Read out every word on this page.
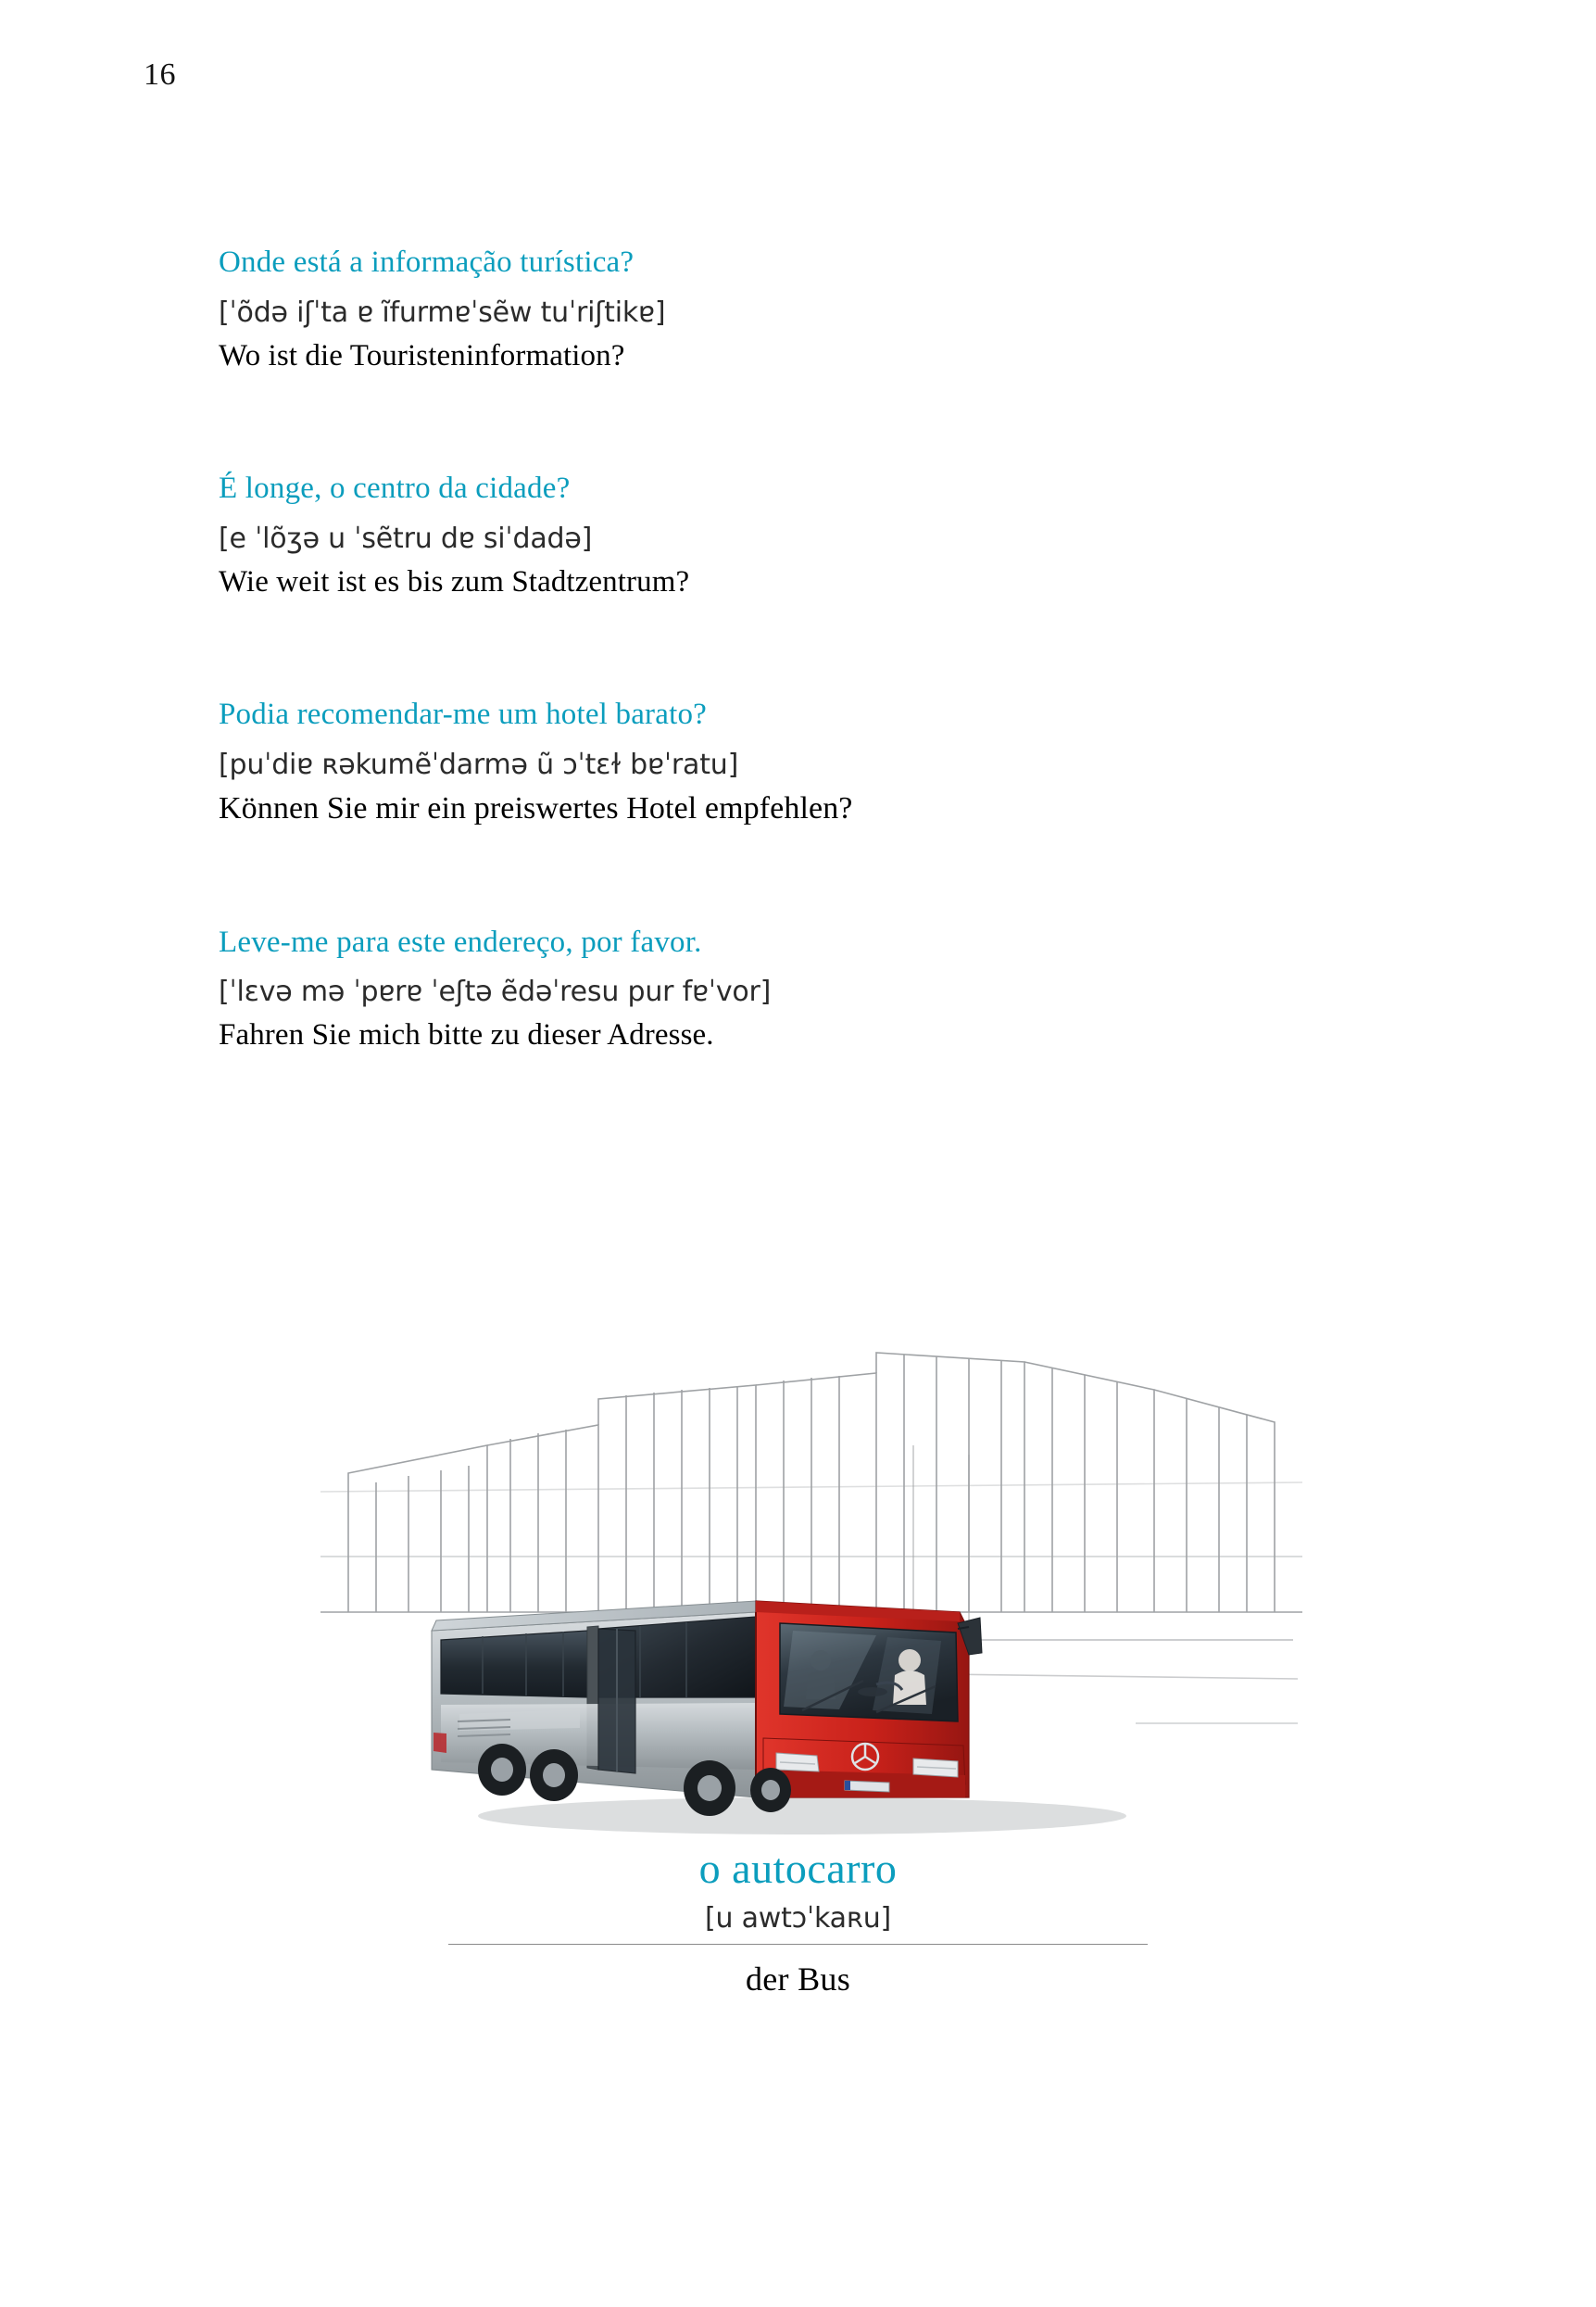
16
Onde está a informação turística?
[ˈõdə iʃˈta ɐ ĩfurmɐˈsẽw tuˈriʃtikɐ]
Wo ist die Touristeninformation?
É longe, o centro da cidade?
[e ˈlõʒə u ˈsẽtru dɐ siˈdadə]
Wie weit ist es bis zum Stadtzentrum?
Podia recomendar-me um hotel barato?
[puˈdiɐ ʀəkumẽˈdarmə ũ ɔˈtɛɫ bɐˈratu]
Können Sie mir ein preiswertes Hotel empfehlen?
Leve-me para este endereço, por favor.
[ˈlɛvə mə ˈpɐrɐ ˈeʃtə ẽdəˈresu pur fɐˈvor]
Fahren Sie mich bitte zu dieser Adresse.
o autocarro
[u awtɔˈkaʀu]
der Bus
